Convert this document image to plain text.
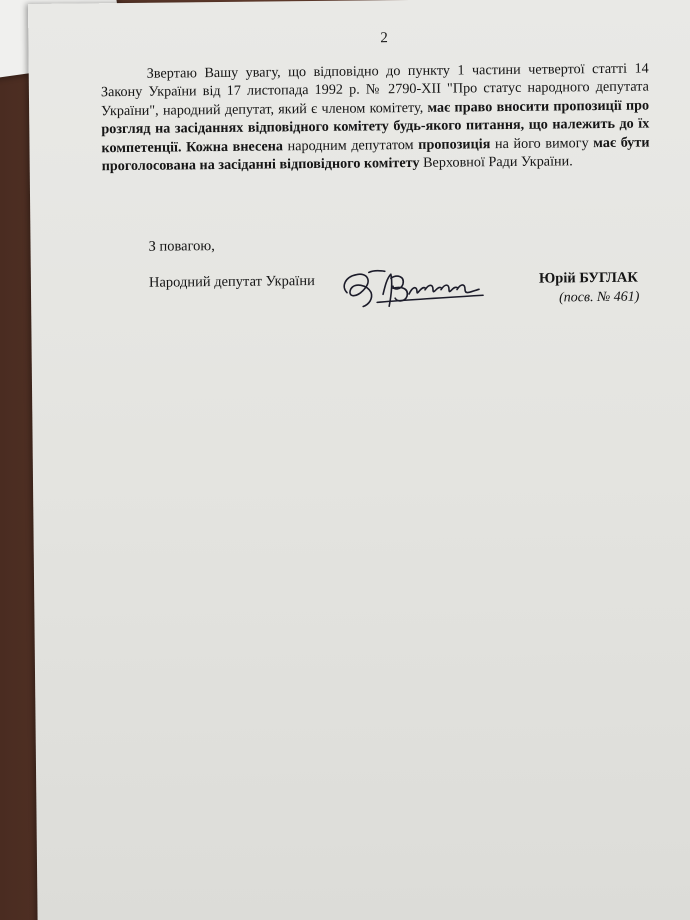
2
Звертаю Вашу увагу, що відповідно до пункту 1 частини четвертої статті 14 Закону України від 17 листопада 1992 р. № 2790-XII "Про статус народного депутата України", народний депутат, який є членом комітету, має право вносити пропозиції про розгляд на засіданнях відповідного комітету будь-якого питання, що належить до їх компетенції. Кожна внесена народним депутатом пропозиція на його вимогу має бути проголосована на засіданні відповідного комітету Верховної Ради України.
З повагою,
Народний депутат України	Юрій БУГЛАК
(посв. № 461)
